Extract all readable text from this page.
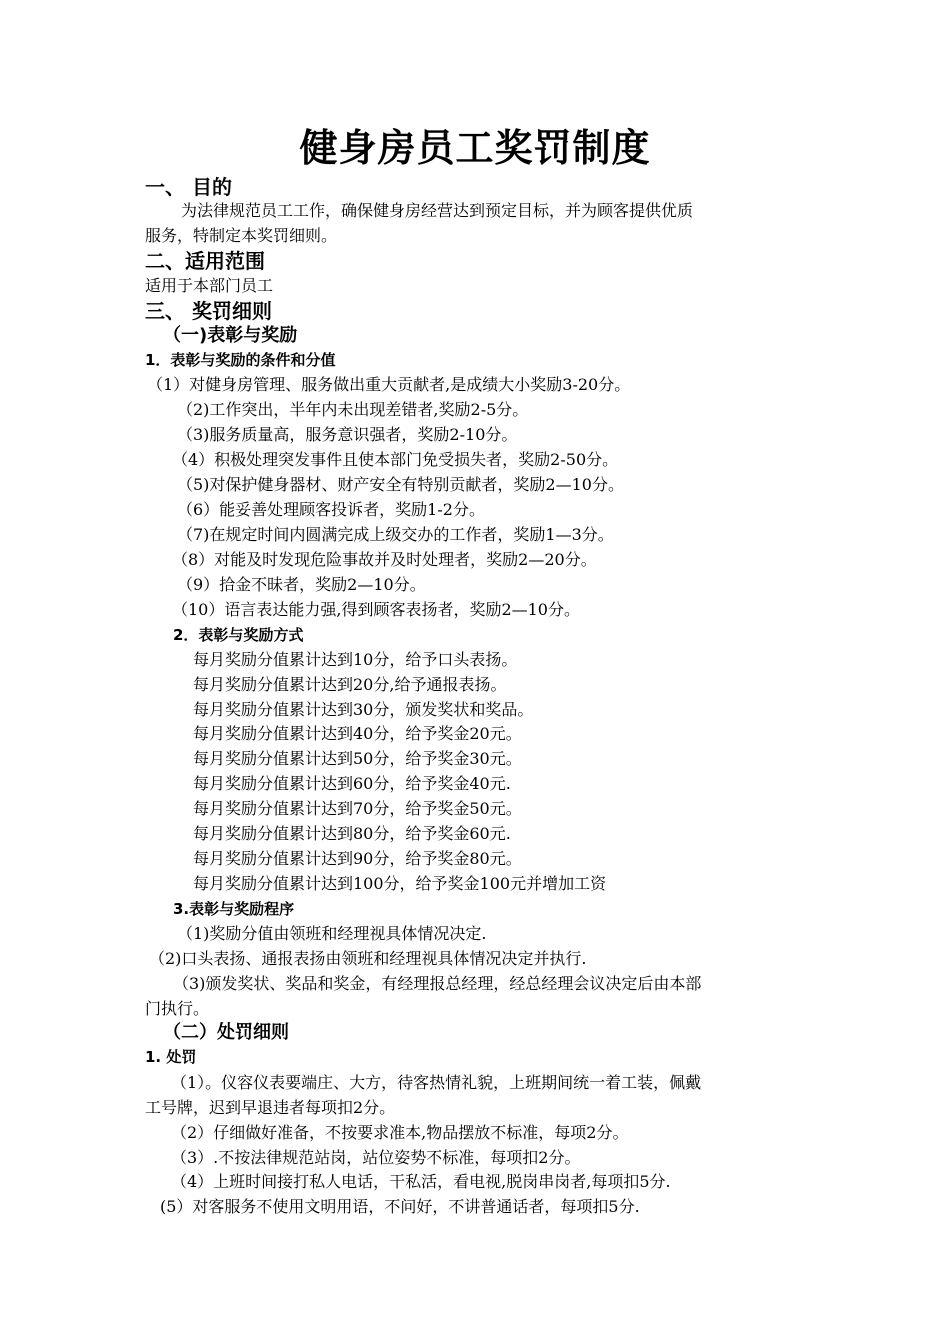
健身房员工奖罚制度
一、 目的
为法律规范员工工作，确保健身房经营达到预定目标，并为顾客提供优质
服务，特制定本奖罚细则。
二、适用范围
适用于本部门员工
三、 奖罚细则
（一)表彰与奖励
1．表彰与奖励的条件和分值
（1）对健身房管理、服务做出重大贡献者,是成绩大小奖励3-20分。
（2)工作突出，半年内未出现差错者,奖励2-5分。
（3)服务质量高，服务意识强者，奖励2-10分。
（4）积极处理突发事件且使本部门免受损失者，奖励2-50分。
（5)对保护健身器材、财产安全有特别贡献者，奖励2—10分。
（6）能妥善处理顾客投诉者，奖励1-2分。
（7)在规定时间内圆满完成上级交办的工作者，奖励1—3分。
（8）对能及时发现危险事故并及时处理者，奖励2—20分。
（9）拾金不昧者，奖励2—10分。
（10）语言表达能力强,得到顾客表扬者，奖励2—10分。
2．表彰与奖励方式
每月奖励分值累计达到10分，给予口头表扬。
每月奖励分值累计达到20分,给予通报表扬。
每月奖励分值累计达到30分，颁发奖状和奖品。
每月奖励分值累计达到40分，给予奖金20元。
每月奖励分值累计达到50分，给予奖金30元。
每月奖励分值累计达到60分，给予奖金40元.
每月奖励分值累计达到70分，给予奖金50元。
每月奖励分值累计达到80分，给予奖金60元.
每月奖励分值累计达到90分，给予奖金80元。
每月奖励分值累计达到100分，给予奖金100元并增加工资
3.表彰与奖励程序
（1)奖励分值由领班和经理视具体情况决定.
（2)口头表扬、通报表扬由领班和经理视具体情况决定并执行.
（3)颁发奖状、奖品和奖金，有经理报总经理，经总经理会议决定后由本部
门执行。
（二）处罚细则
1. 处罚
（1）。仪容仪表要端庄、大方，待客热情礼貌，上班期间统一着工装，佩戴
工号牌，迟到早退违者每项扣2分。
（2）仔细做好准备，不按要求准本,物品摆放不标准，每项2分。
（3）.不按法律规范站岗，站位姿势不标准，每项扣2分。
（4）上班时间接打私人电话，干私活，看电视,脱岗串岗者,每项扣5分.
(5）对客服务不使用文明用语，不问好，不讲普通话者，每项扣5分.
